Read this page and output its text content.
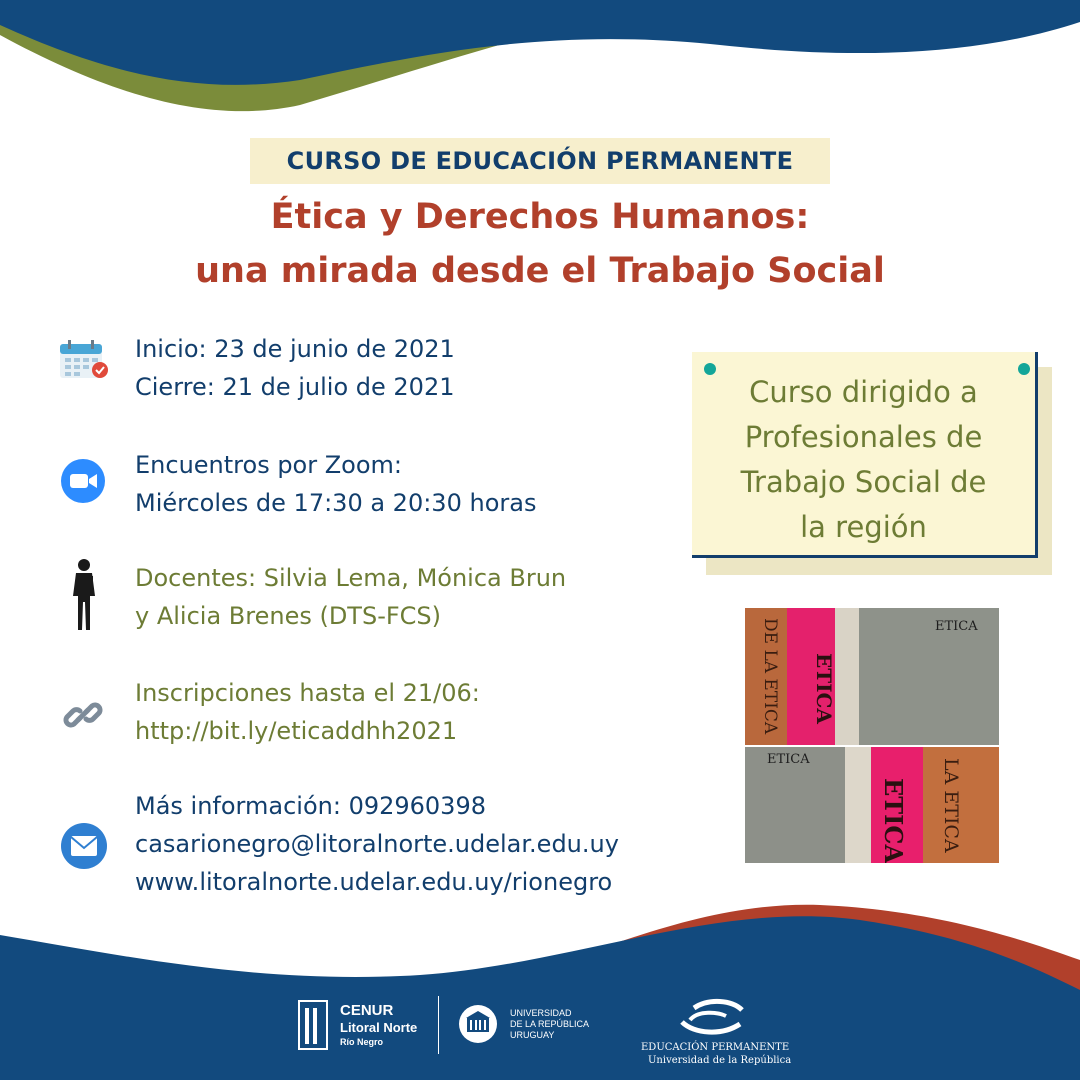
CURSO DE EDUCACIÓN PERMANENTE
Ética y Derechos Humanos:
una mirada desde el Trabajo Social
Inicio: 23 de junio de 2021
Cierre: 21 de julio de 2021
Encuentros por Zoom:
Miércoles de 17:30 a 20:30 horas
Docentes: Silvia Lema, Mónica Brun
y Alicia Brenes (DTS-FCS)
Inscripciones hasta el 21/06:
http://bit.ly/eticaddhh2021
Más información: 092960398
casarionegro@litoralnorte.udelar.edu.uy
www.litoralnorte.udelar.edu.uy/rionegro
Curso dirigido a
Profesionales de
Trabajo Social de
la región
DE LA ETICA ETICA
ETICA
ETICA
ETICA LA ETICA
CENUR
Litoral Norte
Río Negro
UNIVERSIDAD
DE LA REPÚBLICA
URUGUAY
EDUCACIÓN PERMANENTE
Universidad de la República
